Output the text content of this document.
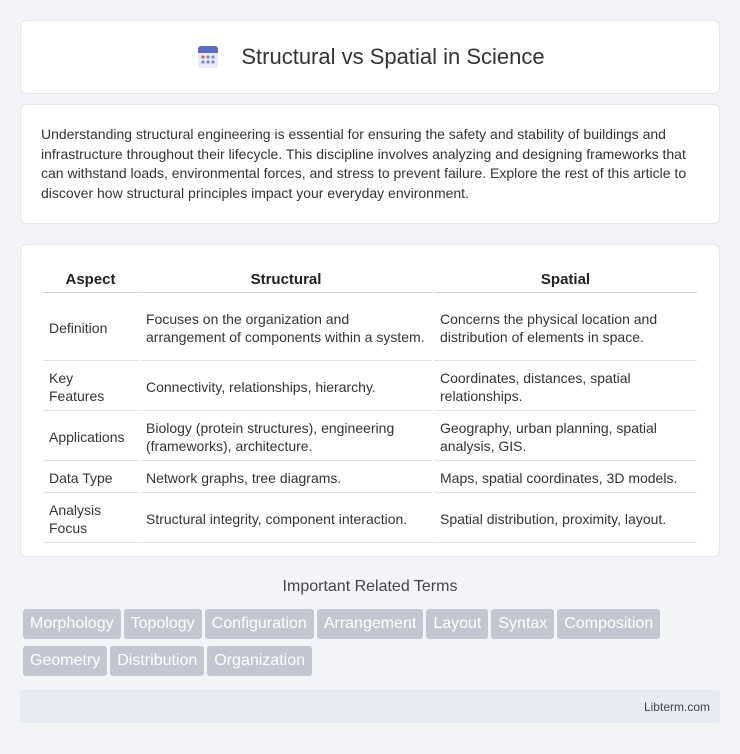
Structural vs Spatial in Science

Understanding structural engineering is essential for ensuring the safety and stability of buildings and infrastructure throughout their lifecycle. This discipline involves analyzing and designing frameworks that can withstand loads, environmental forces, and stress to prevent failure. Explore the rest of this article to discover how structural principles impact your everyday environment.

Aspect	Structural	Spatial
Definition	Focuses on the organization and arrangement of components within a system.	Concerns the physical location and distribution of elements in space.
Key Features	Connectivity, relationships, hierarchy.	Coordinates, distances, spatial relationships.
Applications	Biology (protein structures), engineering (frameworks), architecture.	Geography, urban planning, spatial analysis, GIS.
Data Type	Network graphs, tree diagrams.	Maps, spatial coordinates, 3D models.
Analysis Focus	Structural integrity, component interaction.	Spatial distribution, proximity, layout.
Important Related Terms
Morphology Topology Configuration Arrangement Layout Syntax CompositionGeometry Distribution Organization
Libterm.com
